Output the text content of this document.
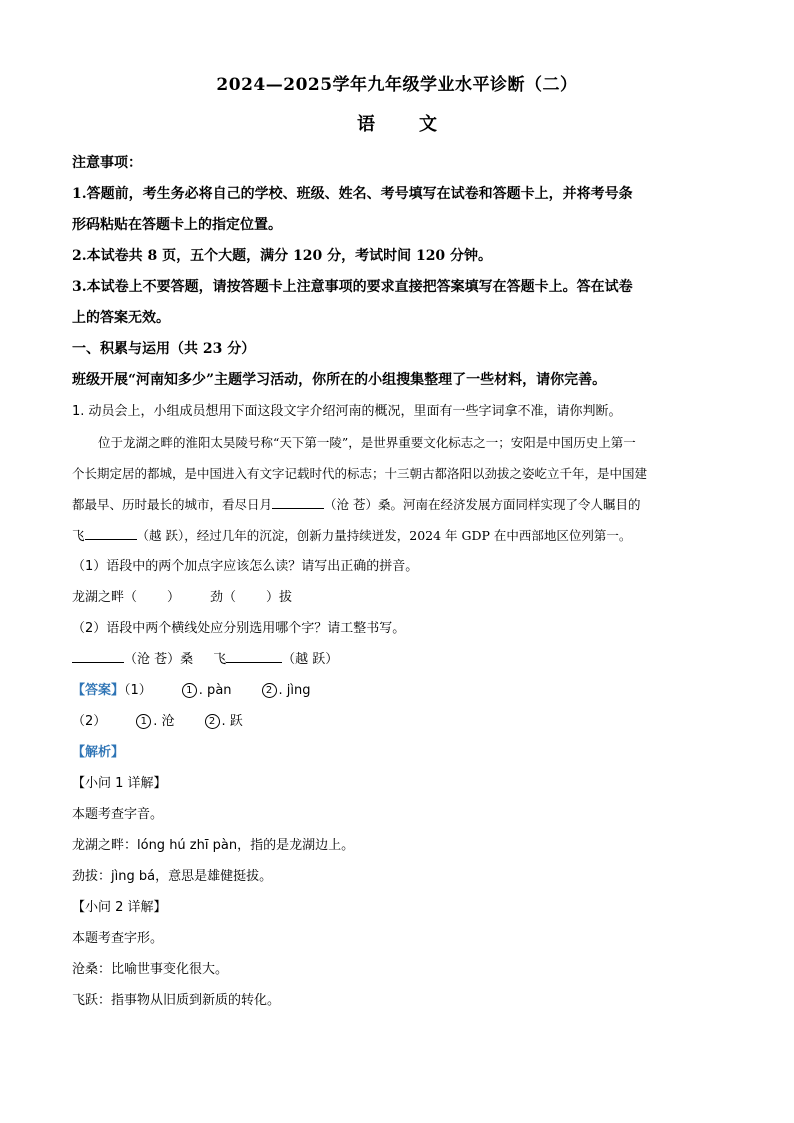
2024—2025学年九年级学业水平诊断（二）
语 文
注意事项：
1.答题前，考生务必将自己的学校、班级、姓名、考号填写在试卷和答题卡上，并将考号条
形码粘贴在答题卡上的指定位置。
2.本试卷共 8 页，五个大题，满分 120 分，考试时间 120 分钟。
3.本试卷上不要答题，请按答题卡上注意事项的要求直接把答案填写在答题卡上。答在试卷
上的答案无效。
一、积累与运用（共 23 分）
班级开展“河南知多少”主题学习活动，你所在的小组搜集整理了一些材料，请你完善。
1. 动员会上，小组成员想用下面这段文字介绍河南的概况，里面有一些字词拿不准，请你判断。
位于龙湖之畔的淮阳太昊陵号称“天下第一陵”，是世界重要文化标志之一；安阳是中国历史上第一
个长期定居的都城，是中国进入有文字记载时代的标志；十三朝古都洛阳以劲拔之姿屹立千年，是中国建
都最早、历时最长的城市，看尽日月	（沧 苍）桑。河南在经济发展方面同样实现了令人瞩目的
飞	（越 跃），经过几年的沉淀，创新力量持续迸发，2024 年 GDP 在中西部地区位列第一。
（1）语段中的两个加点字应该怎么读？请写出正确的拼音。
龙湖之畔（ ） 劲（ ）拔
（2）语段中两个横线处应分别选用哪个字？请工整书写。
（沧 苍）桑 飞	（越 跃）
【答案】（1）	1 . pàn	2 . jìng
（2）	1 . 沧	2 . 跃
【解析】
【小问 1 详解】
本题考查字音。
龙湖之畔：lóng hú zhī pàn，指的是龙湖边上。
劲拔：jìng bá，意思是雄健挺拔。
【小问 2 详解】
本题考查字形。
沧桑：比喻世事变化很大。
飞跃：指事物从旧质到新质的转化。
